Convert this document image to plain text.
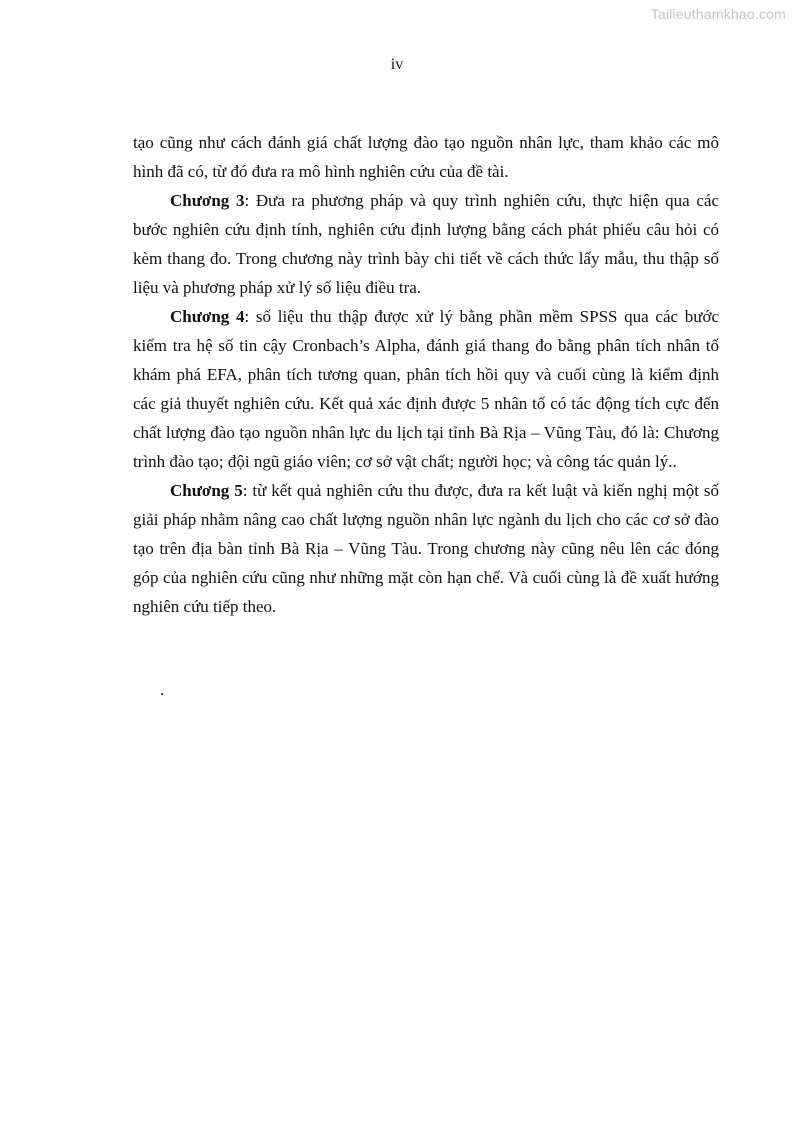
Tailieuthamkhao.com
iv

tạo cũng như cách đánh giá chất lượng đào tạo nguồn nhân lực, tham khảo các mô hình đã có, từ đó đưa ra mô hình nghiên cứu của đề tài.

Chương 3: Đưa ra phương pháp và quy trình nghiên cứu, thực hiện qua các bước nghiên cứu định tính, nghiên cứu định lượng bằng cách phát phiếu câu hỏi có kèm thang đo. Trong chương này trình bày chi tiết về cách thức lấy mẫu, thu thập số liệu và phương pháp xử lý số liệu điều tra.

Chương 4: số liệu thu thập được xử lý bằng phần mềm SPSS qua các bước kiểm tra hệ số tin cậy Cronbach’s Alpha, đánh giá thang đo bằng phân tích nhân tố khám phá EFA, phân tích tương quan, phân tích hồi quy và cuối cùng là kiểm định các giả thuyết nghiên cứu. Kết quả xác định được 5 nhân tố có tác động tích cực đến chất lượng đào tạo nguồn nhân lực du lịch tại tỉnh Bà Rịa – Vũng Tàu, đó là: Chương trình đào tạo; đội ngũ giáo viên; cơ sở vật chất; người học; và công tác quản lý..

Chương 5: từ kết quả nghiên cứu thu được, đưa ra kết luật và kiến nghị một số giải pháp nhằm nâng cao chất lượng nguồn nhân lực ngành du lịch cho các cơ sở đào tạo trên địa bàn tỉnh Bà Rịa – Vũng Tàu. Trong chương này cũng nêu lên các đóng góp của nghiên cứu cũng như những mặt còn hạn chế. Và cuối cùng là đề xuất hướng nghiên cứu tiếp theo.

.
